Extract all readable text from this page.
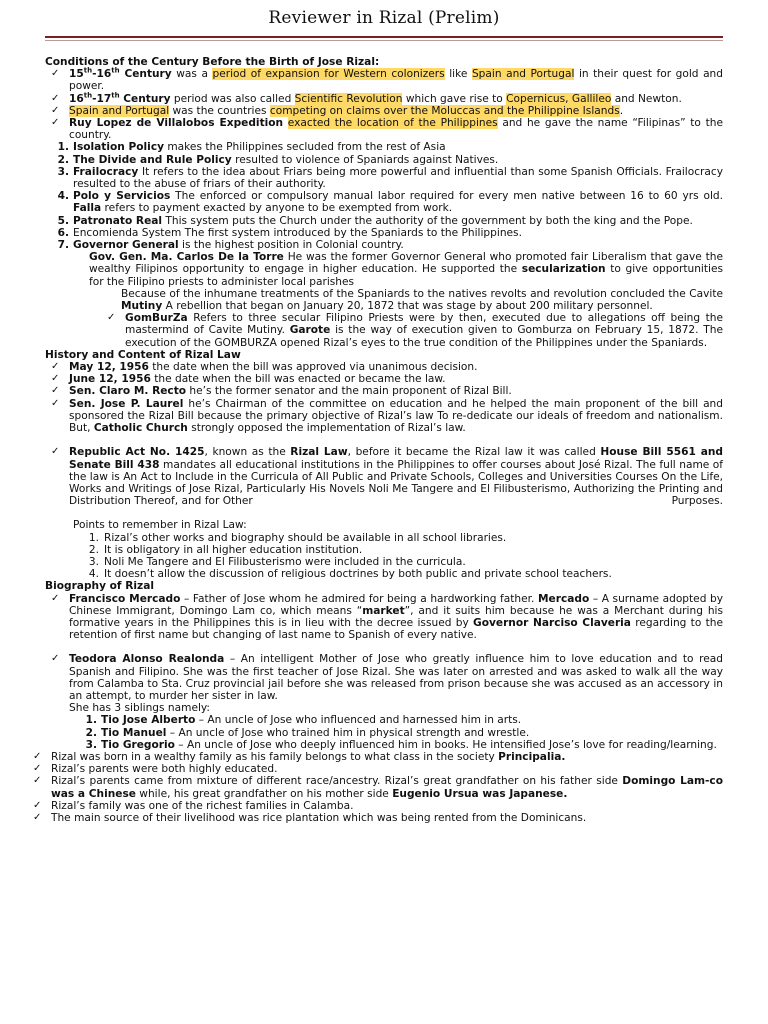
Reviewer in Rizal (Prelim)
Conditions of the Century Before the Birth of Jose Rizal:
✓ 15th-16th Century was a period of expansion for Western colonizers like Spain and Portugal in their quest for gold and power.
✓ 16th-17th Century period was also called Scientific Revolution which gave rise to Copernicus, Gallileo and Newton.
✓ Spain and Portugal was the countries competing on claims over the Moluccas and the Philippine Islands.
✓ Ruy Lopez de Villalobos Expedition exacted the location of the Philippines and he gave the name “Filipinas” to the country.
1. Isolation Policy makes the Philippines secluded from the rest of Asia
2. The Divide and Rule Policy resulted to violence of Spaniards against Natives.
3. Frailocracy It refers to the idea about Friars being more powerful and influential than some Spanish Officials. Frailocracy resulted to the abuse of friars of their authority.
4. Polo y Servicios The enforced or compulsory manual labor required for every men native between 16 to 60 yrs old. Falla refers to payment exacted by anyone to be exempted from work.
5. Patronato Real This system puts the Church under the authority of the government by both the king and the Pope.
6. Encomienda System The first system introduced by the Spaniards to the Philippines.
7. Governor General is the highest position in Colonial country.
Gov. Gen. Ma. Carlos De la Torre He was the former Governor General who promoted fair Liberalism that gave the wealthy Filipinos opportunity to engage in higher education. He supported the secularization to give opportunities for the Filipino priests to administer local parishes
Because of the inhumane treatments of the Spaniards to the natives revolts and revolution concluded the Cavite Mutiny A rebellion that began on January 20, 1872 that was stage by about 200 military personnel.
✓ GomBurZa Refers to three secular Filipino Priests were by then, executed due to allegations off being the mastermind of Cavite Mutiny. Garote is the way of execution given to Gomburza on February 15, 1872. The execution of the GOMBURZA opened Rizal’s eyes to the true condition of the Philippines under the Spaniards.
History and Content of Rizal Law
✓ May 12, 1956 the date when the bill was approved via unanimous decision.
✓ June 12, 1956 the date when the bill was enacted or became the law.
✓ Sen. Claro M. Recto he’s the former senator and the main proponent of Rizal Bill.
✓ Sen. Jose P. Laurel he’s Chairman of the committee on education and he helped the main proponent of the bill and sponsored the Rizal Bill because the primary objective of Rizal’s law To re-dedicate our ideals of freedom and nationalism. But, Catholic Church strongly opposed the implementation of Rizal’s law.
✓ Republic Act No. 1425, known as the Rizal Law, before it became the Rizal law it was called House Bill 5561 and Senate Bill 438 mandates all educational institutions in the Philippines to offer courses about José Rizal. The full name of the law is An Act to Include in the Curricula of All Public and Private Schools, Colleges and Universities Courses On the Life, Works and Writings of Jose Rizal, Particularly His Novels Noli Me Tangere and El Filibusterismo, Authorizing the Printing and Distribution Thereof, and for Other	Purposes.
Points to remember in Rizal Law:
1. Rizal’s other works and biography should be available in all school libraries.
2. It is obligatory in all higher education institution.
3. Noli Me Tangere and El Filibusterismo were included in the curricula.
4. It doesn’t allow the discussion of religious doctrines by both public and private school teachers.
Biography of Rizal
✓ Francisco Mercado – Father of Jose whom he admired for being a hardworking father. Mercado – A surname adopted by Chinese Immigrant, Domingo Lam co, which means “market”, and it suits him because he was a Merchant during his formative years in the Philippines this is in lieu with the decree issued by Governor Narciso Claveria regarding to the retention of first name but changing of last name to Spanish of every native.
✓ Teodora Alonso Realonda – An intelligent Mother of Jose who greatly influence him to love education and to read Spanish and Filipino. She was the first teacher of Jose Rizal. She was later on arrested and was asked to walk all the way from Calamba to Sta. Cruz provincial jail before she was released from prison because she was accused as an accessory in an attempt, to murder her sister in law.
She has 3 siblings namely:
1. Tio Jose Alberto – An uncle of Jose who influenced and harnessed him in arts.
2. Tio Manuel – An uncle of Jose who trained him in physical strength and wrestle.
3. Tio Gregorio – An uncle of Jose who deeply influenced him in books. He intensified Jose’s love for reading/learning.
✓ Rizal was born in a wealthy family as his family belongs to what class in the society Principalia.
✓ Rizal’s parents were both highly educated.
✓ Rizal’s parents came from mixture of different race/ancestry. Rizal’s great grandfather on his father side Domingo Lam-co was a Chinese while, his great grandfather on his mother side Eugenio Ursua was Japanese.
✓ Rizal’s family was one of the richest families in Calamba.
✓ The main source of their livelihood was rice plantation which was being rented from the Dominicans.
